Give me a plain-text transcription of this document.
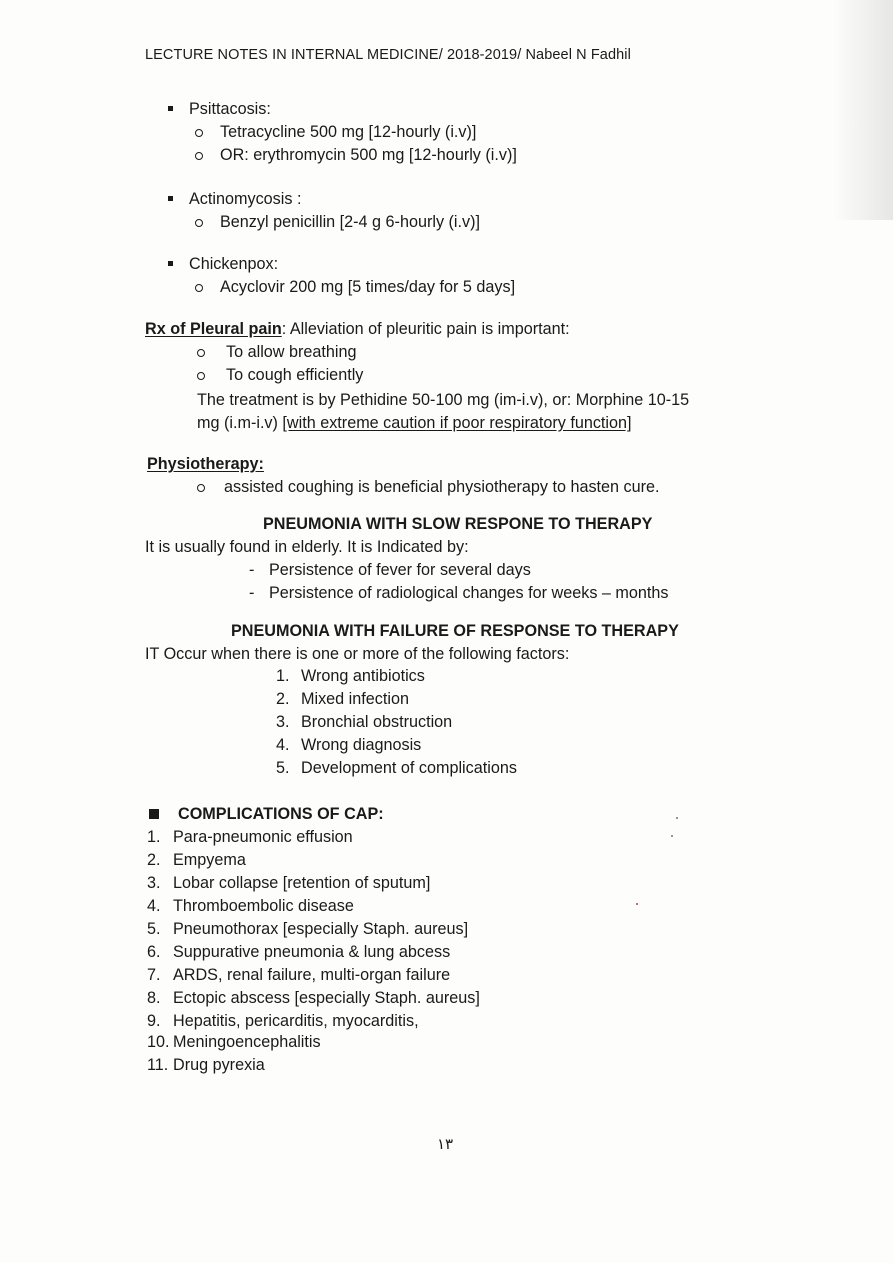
LECTURE NOTES IN INTERNAL MEDICINE/ 2018-2019/ Nabeel N Fadhil
Psittacosis:
Tetracycline 500 mg [12-hourly (i.v)]
OR: erythromycin 500 mg [12-hourly (i.v)]
Actinomycosis :
Benzyl penicillin [2-4 g 6-hourly (i.v)]
Chickenpox:
Acyclovir 200 mg [5 times/day for 5 days]
Rx of Pleural pain: Alleviation of pleuritic pain is important:
To allow breathing
To cough efficiently
The treatment is by Pethidine 50-100 mg (im-i.v), or: Morphine 10-15
mg (i.m-i.v) [with extreme caution if poor respiratory function]
Physiotherapy:
assisted coughing is beneficial physiotherapy to hasten cure.
PNEUMONIA WITH SLOW RESPONE TO THERAPY
It is usually found in elderly. It is Indicated by:
- Persistence of fever for several days
- Persistence of radiological changes for weeks – months
PNEUMONIA WITH FAILURE OF RESPONSE TO THERAPY
IT Occur when there is one or more of the following factors:
1. Wrong antibiotics
2. Mixed infection
3. Bronchial obstruction
4. Wrong diagnosis
5. Development of complications
COMPLICATIONS OF CAP:
1. Para-pneumonic effusion
2. Empyema
3. Lobar collapse [retention of sputum]
4. Thromboembolic disease
5. Pneumothorax [especially Staph. aureus]
6. Suppurative pneumonia & lung abcess
7. ARDS, renal failure, multi-organ failure
8. Ectopic abscess [especially Staph. aureus]
9. Hepatitis, pericarditis, myocarditis,
10. Meningoencephalitis
11. Drug pyrexia
١٣
